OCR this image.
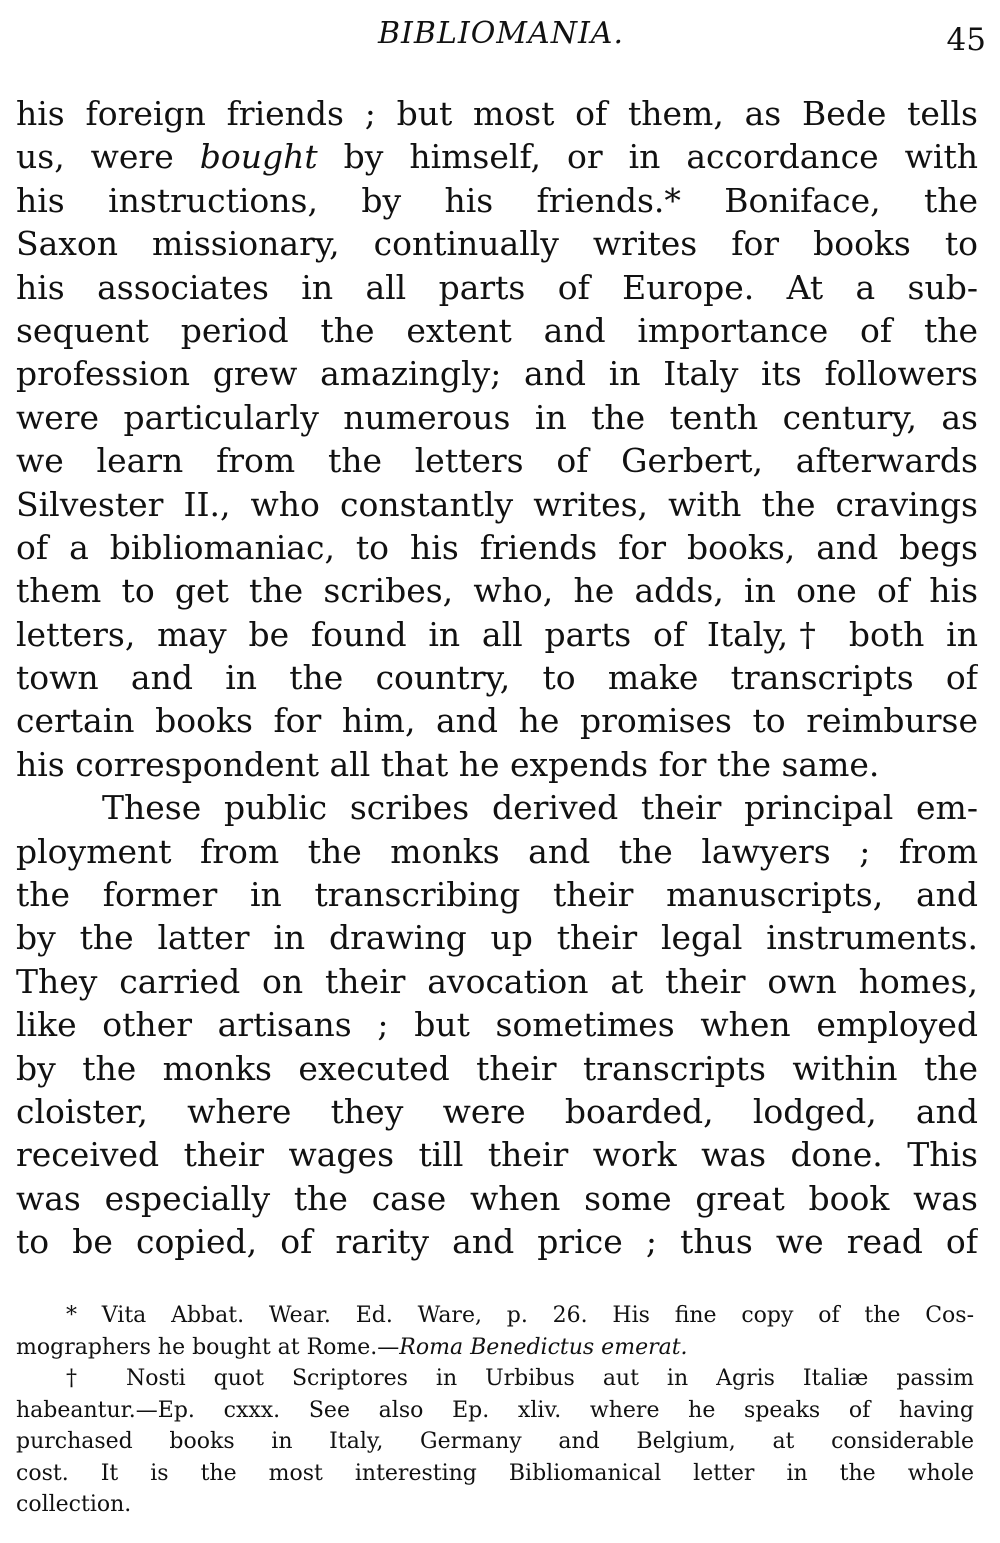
BIBLIOMANIA.	45
his foreign friends ; but most of them, as Bede tells
us, were bought by himself, or in accordance with
his instructions, by his friends.* Boniface, the
Saxon missionary, continually writes for books to
his associates in all parts of Europe. At a sub-
sequent period the extent and importance of the
profession grew amazingly; and in Italy its followers
were particularly numerous in the tenth century, as
we learn from the letters of Gerbert, afterwards
Silvester II., who constantly writes, with the cravings
of a bibliomaniac, to his friends for books, and begs
them to get the scribes, who, he adds, in one of his
letters, may be found in all parts of Italy,† both in
town and in the country, to make transcripts of
certain books for him, and he promises to reimburse
his correspondent all that he expends for the same.
These public scribes derived their principal em-
ployment from the monks and the lawyers ; from
the former in transcribing their manuscripts, and
by the latter in drawing up their legal instruments.
They carried on their avocation at their own homes,
like other artisans ; but sometimes when employed
by the monks executed their transcripts within the
cloister, where they were boarded, lodged, and
received their wages till their work was done. This
was especially the case when some great book was
to be copied, of rarity and price ; thus we read of
* Vita Abbat. Wear. Ed. Ware, p. 26. His fine copy of the Cos-
mographers he bought at Rome.—Roma Benedictus emerat.
† Nosti quot Scriptores in Urbibus aut in Agris Italiæ passim
habeantur.—Ep. cxxx. See also Ep. xliv. where he speaks of having
purchased books in Italy, Germany and Belgium, at considerable
cost. It is the most interesting Bibliomanical letter in the whole
collection.
